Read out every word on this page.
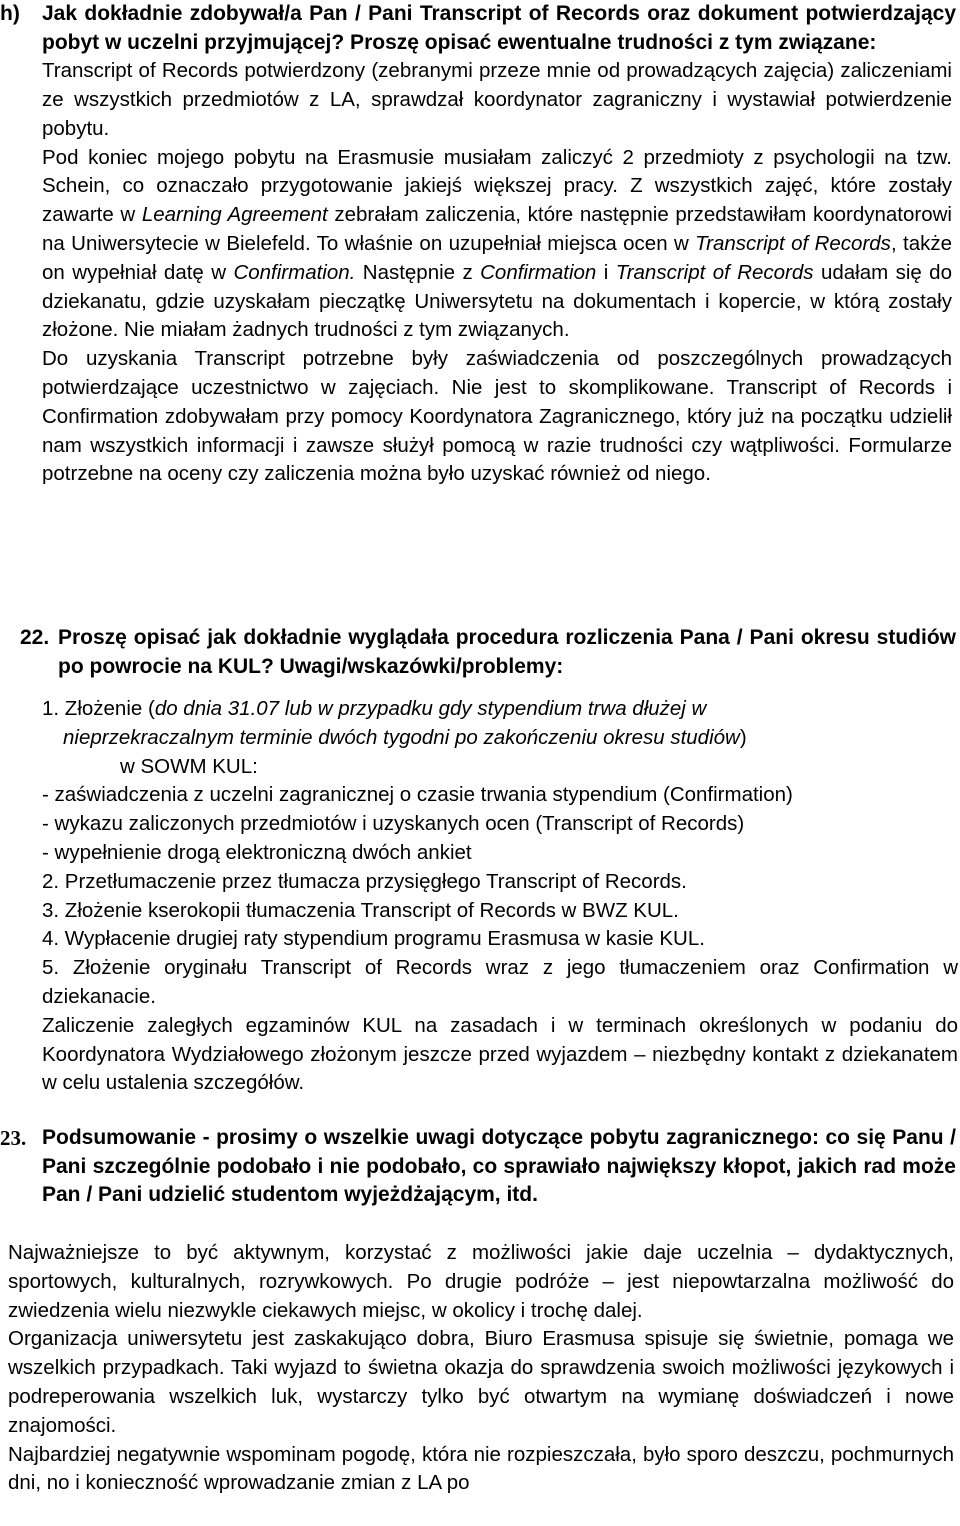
h)	Jak dokładnie zdobywał/a Pan / Pani Transcript of Records oraz dokument potwierdzający pobyt w uczelni przyjmującej? Proszę opisać ewentualne trudności z tym związane:

Transcript of Records potwierdzony (zebranymi przeze mnie od prowadzących zajęcia) zaliczeniami ze wszystkich przedmiotów z LA, sprawdzał koordynator zagraniczny i wystawiał potwierdzenie pobytu.

Pod koniec mojego pobytu na Erasmusie musiałam zaliczyć 2 przedmioty z psychologii na tzw. Schein, co oznaczało przygotowanie jakiejś większej pracy. Z wszystkich zajęć, które zostały zawarte w Learning Agreement zebrałam zaliczenia, które następnie przedstawiłam koordynatorowi na Uniwersytecie w Bielefeld. To właśnie on uzupełniał miejsca ocen w Transcript of Records, także on wypełniał datę w Confirmation. Następnie z Confirmation i Transcript of Records udałam się do dziekanatu, gdzie uzyskałam pieczątkę Uniwersytetu na dokumentach i kopercie, w którą zostały złożone. Nie miałam żadnych trudności z tym związanych.

Do uzyskania Transcript potrzebne były zaświadczenia od poszczególnych prowadzących potwierdzające uczestnictwo w zajęciach. Nie jest to skomplikowane. Transcript of Records i Confirmation zdobywałam przy pomocy Koordynatora Zagranicznego, który już na początku udzielił nam wszystkich informacji i zawsze służył pomocą w razie trudności czy wątpliwości. Formularze potrzebne na oceny czy zaliczenia można było uzyskać również od niego.

22. Proszę opisać jak dokładnie wyglądała procedura rozliczenia Pana / Pani okresu studiów po powrocie na KUL? Uwagi/wskazówki/problemy:

1. Złożenie (do dnia 31.07 lub w przypadku gdy stypendium trwa dłużej w

nieprzekraczalnym terminie dwóch tygodni po zakończeniu okresu studiów)

w SOWM KUL:

- zaświadczenia z uczelni zagranicznej o czasie trwania stypendium (Confirmation)

- wykazu zaliczonych przedmiotów i uzyskanych ocen (Transcript of Records)

- wypełnienie drogą elektroniczną dwóch ankiet

2. Przetłumaczenie przez tłumacza przysięgłego Transcript of Records.

3. Złożenie kserokopii tłumaczenia Transcript of Records w BWZ KUL.

4. Wypłacenie drugiej raty stypendium programu Erasmusa w kasie KUL.

5. Złożenie oryginału Transcript of Records wraz z jego tłumaczeniem oraz Confirmation w dziekanacie.

Zaliczenie zaległych egzaminów KUL na zasadach i w terminach określonych w podaniu do Koordynatora Wydziałowego złożonym jeszcze przed wyjazdem – niezbędny kontakt z dziekanatem w celu ustalenia szczegółów.

23. Podsumowanie - prosimy o wszelkie uwagi dotyczące pobytu zagranicznego: co się Panu / Pani szczególnie podobało i nie podobało, co sprawiało największy kłopot, jakich rad może Pan / Pani udzielić studentom wyjeżdżającym, itd.

Najważniejsze to być aktywnym, korzystać z możliwości jakie daje uczelnia – dydaktycznych, sportowych, kulturalnych, rozrywkowych. Po drugie podróże – jest niepowtarzalna możliwość do zwiedzenia wielu niezwykle ciekawych miejsc, w okolicy i trochę dalej.

Organizacja uniwersytetu jest zaskakująco dobra, Biuro Erasmusa spisuje się świetnie, pomaga we wszelkich przypadkach. Taki wyjazd to świetna okazja do sprawdzenia swoich możliwości językowych i podreperowania wszelkich luk, wystarczy tylko być otwartym na wymianę doświadczeń i nowe znajomości.

Najbardziej negatywnie wspominam pogodę, która nie rozpieszczała, było sporo deszczu, pochmurnych dni, no i konieczność wprowadzanie zmian z LA po
